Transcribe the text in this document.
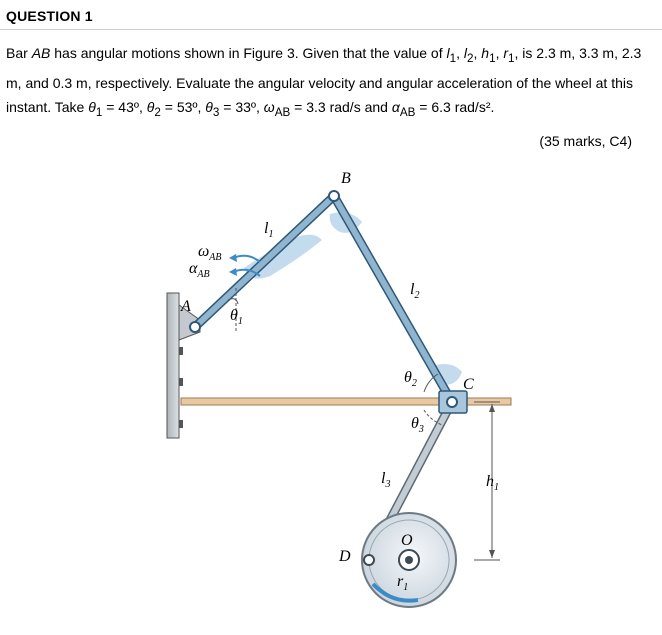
QUESTION 1

Bar AB has angular motions shown in Figure 3. Given that the value of $l_1$, $l_2$, $h_1$, $r_1$, is 2.3 m, 3.3 m, 2.3 m, and 0.3 m, respectively. Evaluate the angular velocity and angular acceleration of the wheel at this instant. Take $\theta_1$ = 43º, $\theta_2$ = 53º, $\theta_3$ = 33º, $\omega_{AB} = 3.3$ rad/s and $\alpha_{AB} = 6.3$ rad/s².

(35 marks, C4)
B
A
C
D
O
$l_1$
$l_2$
$l_3$	$h_1$
$r_1$
$\theta_1$
$\theta_2$
$\theta_3$
$\omega_{AB}$
$\alpha_{AB}$
